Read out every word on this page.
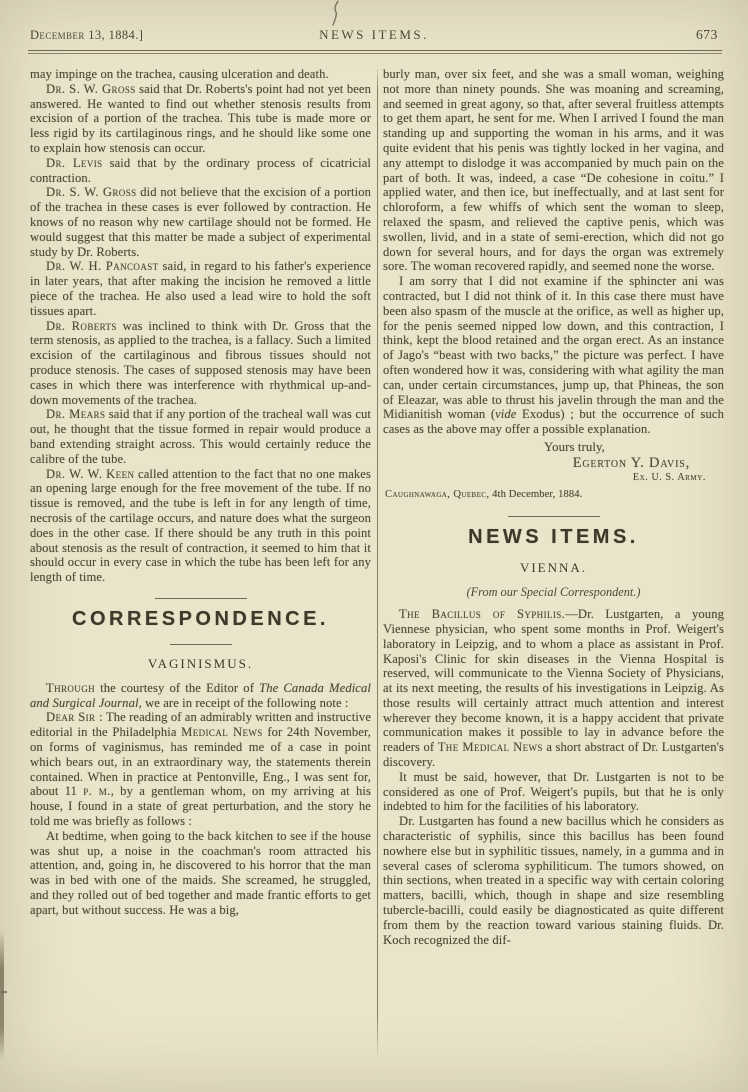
December 13, 1884.]	NEWS ITEMS.	673

may impinge on the trachea, causing ulceration and death.

Dr. S. W. Gross said that Dr. Roberts's point had not yet been answered. He wanted to find out whether stenosis results from excision of a portion of the trachea. This tube is made more or less rigid by its cartilaginous rings, and he should like some one to explain how stenosis can occur.

Dr. Levis said that by the ordinary process of cicatricial contraction.

Dr. S. W. Gross did not believe that the excision of a portion of the trachea in these cases is ever followed by contraction. He knows of no reason why new cartilage should not be formed. He would suggest that this matter be made a subject of experimental study by Dr. Roberts.

Dr. W. H. Pancoast said, in regard to his father's experience in later years, that after making the incision he removed a little piece of the trachea. He also used a lead wire to hold the soft tissues apart.

Dr. Roberts was inclined to think with Dr. Gross that the term stenosis, as applied to the trachea, is a fallacy. Such a limited excision of the cartilaginous and fibrous tissues should not produce stenosis. The cases of supposed stenosis may have been cases in which there was interference with rhythmical up-and-down movements of the trachea.

Dr. Mears said that if any portion of the tracheal wall was cut out, he thought that the tissue formed in repair would produce a band extending straight across. This would certainly reduce the calibre of the tube.

Dr. W. W. Keen called attention to the fact that no one makes an opening large enough for the free movement of the tube. If no tissue is removed, and the tube is left in for any length of time, necrosis of the cartilage occurs, and nature does what the surgeon does in the other case. If there should be any truth in this point about stenosis as the result of contraction, it seemed to him that it should occur in every case in which the tube has been left for any length of time.

CORRESPONDENCE.
VAGINISMUS.

Through the courtesy of the Editor of The Canada Medical and Surgical Journal, we are in receipt of the following note :

Dear Sir : The reading of an admirably written and instructive editorial in the Philadelphia Medical News for 24th November, on forms of vaginismus, has reminded me of a case in point which bears out, in an extraordinary way, the statements therein contained. When in practice at Pentonville, Eng., I was sent for, about 11 p. m., by a gentleman whom, on my arriving at his house, I found in a state of great perturbation, and the story he told me was briefly as follows :

At bedtime, when going to the back kitchen to see if the house was shut up, a noise in the coachman's room attracted his attention, and, going in, he discovered to his horror that the man was in bed with one of the maids. She screamed, he struggled, and they rolled out of bed together and made frantic efforts to get apart, but without success. He was a big,

burly man, over six feet, and she was a small woman, weighing not more than ninety pounds. She was moaning and screaming, and seemed in great agony, so that, after several fruitless attempts to get them apart, he sent for me. When I arrived I found the man standing up and supporting the woman in his arms, and it was quite evident that his penis was tightly locked in her vagina, and any attempt to dislodge it was accompanied by much pain on the part of both. It was, indeed, a case “De cohesione in coitu.” I applied water, and then ice, but ineffectually, and at last sent for chloroform, a few whiffs of which sent the woman to sleep, relaxed the spasm, and relieved the captive penis, which was swollen, livid, and in a state of semi-erection, which did not go down for several hours, and for days the organ was extremely sore. The woman recovered rapidly, and seemed none the worse.

I am sorry that I did not examine if the sphincter ani was contracted, but I did not think of it. In this case there must have been also spasm of the muscle at the orifice, as well as higher up, for the penis seemed nipped low down, and this contraction, I think, kept the blood retained and the organ erect. As an instance of Jago's “beast with two backs,” the picture was perfect. I have often wondered how it was, considering with what agility the man can, under certain circumstances, jump up, that Phineas, the son of Eleazar, was able to thrust his javelin through the man and the Midianitish woman (vide Exodus) ; but the occurrence of such cases as the above may offer a possible explanation.

Yours truly,

Egerton Y. Davis,

Ex. U. S. Army.

Caughnawaga, Quebec, 4th December, 1884.

NEWS ITEMS.
VIENNA.

(From our Special Correspondent.)

The Bacillus of Syphilis.—Dr. Lustgarten, a young Viennese physician, who spent some months in Prof. Weigert's laboratory in Leipzig, and to whom a place as assistant in Prof. Kaposi's Clinic for skin diseases in the Vienna Hospital is reserved, will communicate to the Vienna Society of Physicians, at its next meeting, the results of his investigations in Leipzig. As those results will certainly attract much attention and interest wherever they become known, it is a happy accident that private communication makes it possible to lay in advance before the readers of The Medical News a short abstract of Dr. Lustgarten's discovery.

It must be said, however, that Dr. Lustgarten is not to be considered as one of Prof. Weigert's pupils, but that he is only indebted to him for the facilities of his laboratory.

Dr. Lustgarten has found a new bacillus which he considers as characteristic of syphilis, since this bacillus has been found nowhere else but in syphilitic tissues, namely, in a gumma and in several cases of scleroma syphiliticum. The tumors showed, on thin sections, when treated in a specific way with certain coloring matters, bacilli, which, though in shape and size resembling tubercle-bacilli, could easily be diagnosticated as quite different from them by the reaction toward various staining fluids. Dr. Koch recognized the dif-
